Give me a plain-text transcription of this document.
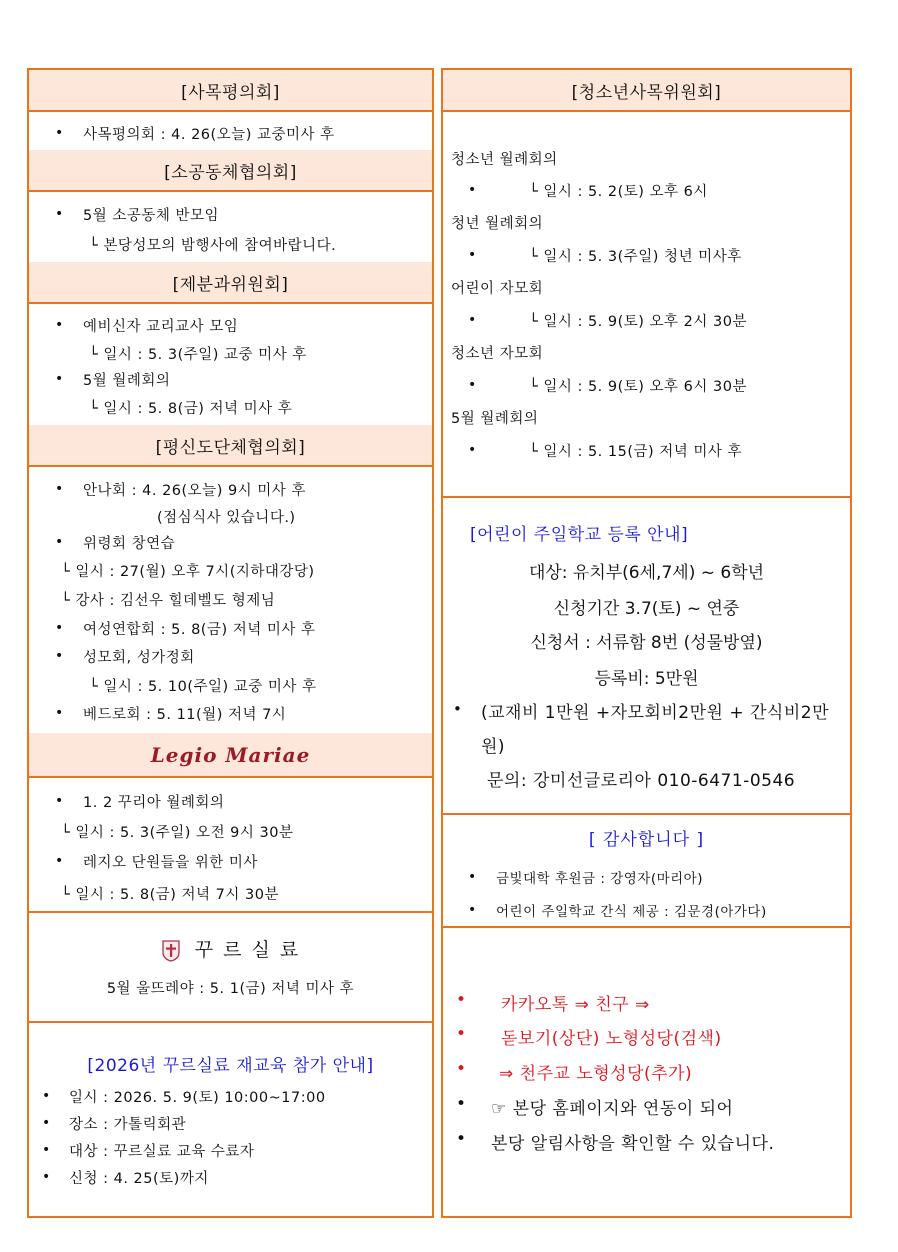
[사목평의회]
• 사목평의회 : 4. 26(오늘) 교중미사 후
[소공동체협의회]
• 5월 소공동체 반모임
└ 본당성모의 밤행사에 참여바랍니다.
[제분과위원회]
• 예비신자 교리교사 모임
└ 일시 : 5. 3(주일) 교중 미사 후
• 5월 월례회의
└ 일시 : 5. 8(금) 저녁 미사 후
[평신도단체협의회]
• 안나회 : 4. 26(오늘) 9시 미사 후
(점심식사 있습니다.)
• 위령회 창연습
└ 일시 : 27(월) 오후 7시(지하대강당)
└ 강사 : 김선우 힐데벨도 형제님
• 여성연합회 : 5. 8(금) 저녁 미사 후
• 성모회, 성가정회
└ 일시 : 5. 10(주일) 교중 미사 후
• 베드로회 : 5. 11(월) 저녁 7시
Legio Mariae
• 1. 2 꾸리아 월례회의
└ 일시 : 5. 3(주일) 오전 9시 30분
• 레지오 단원들을 위한 미사
└ 일시 : 5. 8(금) 저녁 7시 30분
꾸 르 실 료
5월 울뜨레야 : 5. 1(금) 저녁 미사 후
[2026년 꾸르실료 재교육 참가 안내]
• 일시 : 2026. 5. 9(토) 10:00~17:00
• 장소 : 가톨릭회관
• 대상 : 꾸르실료 교육 수료자
• 신청 : 4. 25(토)까지
[청소년사목위원회]
청소년 월례회의
•	└ 일시 : 5. 2(토) 오후 6시
청년 월례회의
•	└ 일시 : 5. 3(주일) 청년 미사후
어린이 자모회
•	└ 일시 : 5. 9(토) 오후 2시 30분
청소년 자모회
•	└ 일시 : 5. 9(토) 오후 6시 30분
5월 월례회의
•	└ 일시 : 5. 15(금) 저녁 미사 후
[어린이 주일학교 등록 안내]
대상: 유치부(6세,7세) ~ 6학년
신청기간 3.7(토) ~ 연중
신청서 : 서류함 8번 (성물방옆)
등록비: 5만원
• (교재비 1만원 +자모회비2만원 + 간식비2만
원)
문의: 강미선글로리아 010-6471-0546
[ 감사합니다 ]
• 금빛대학 후원금 : 강영자(마리아)
• 어린이 주일학교 간식 제공 : 김문경(아가다)
• 카카오톡 ⇒ 친구 ⇒
• 돋보기(상단) 노형성당(검색)
• ⇒ 천주교 노형성당(추가)
• ☞ 본당 홈페이지와 연동이 되어
• 본당 알림사항을 확인할 수 있습니다.
